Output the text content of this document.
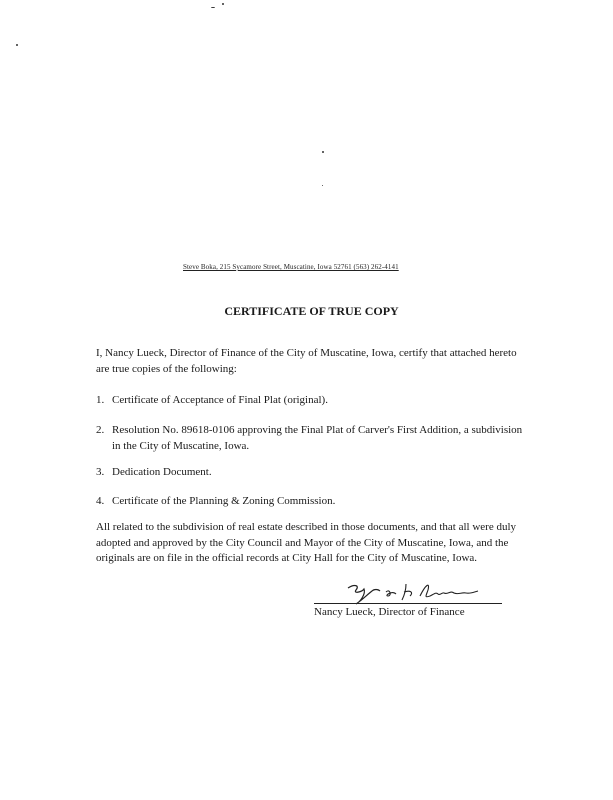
Steve Boka, 215 Sycamore Street, Muscatine, Iowa 52761 (563) 262-4141
CERTIFICATE OF TRUE COPY
I, Nancy Lueck, Director of Finance of the City of Muscatine, Iowa, certify that attached hereto are true copies of the following:
1. Certificate of Acceptance of Final Plat (original).
2. Resolution No. 89618-0106 approving the Final Plat of Carver's First Addition, a subdivision in the City of Muscatine, Iowa.
3. Dedication Document.
4. Certificate of the Planning & Zoning Commission.
All related to the subdivision of real estate described in those documents, and that all were duly adopted and approved by the City Council and Mayor of the City of Muscatine, Iowa, and the originals are on file in the official records at City Hall for the City of Muscatine, Iowa.
Nancy Lueck, Director of Finance
